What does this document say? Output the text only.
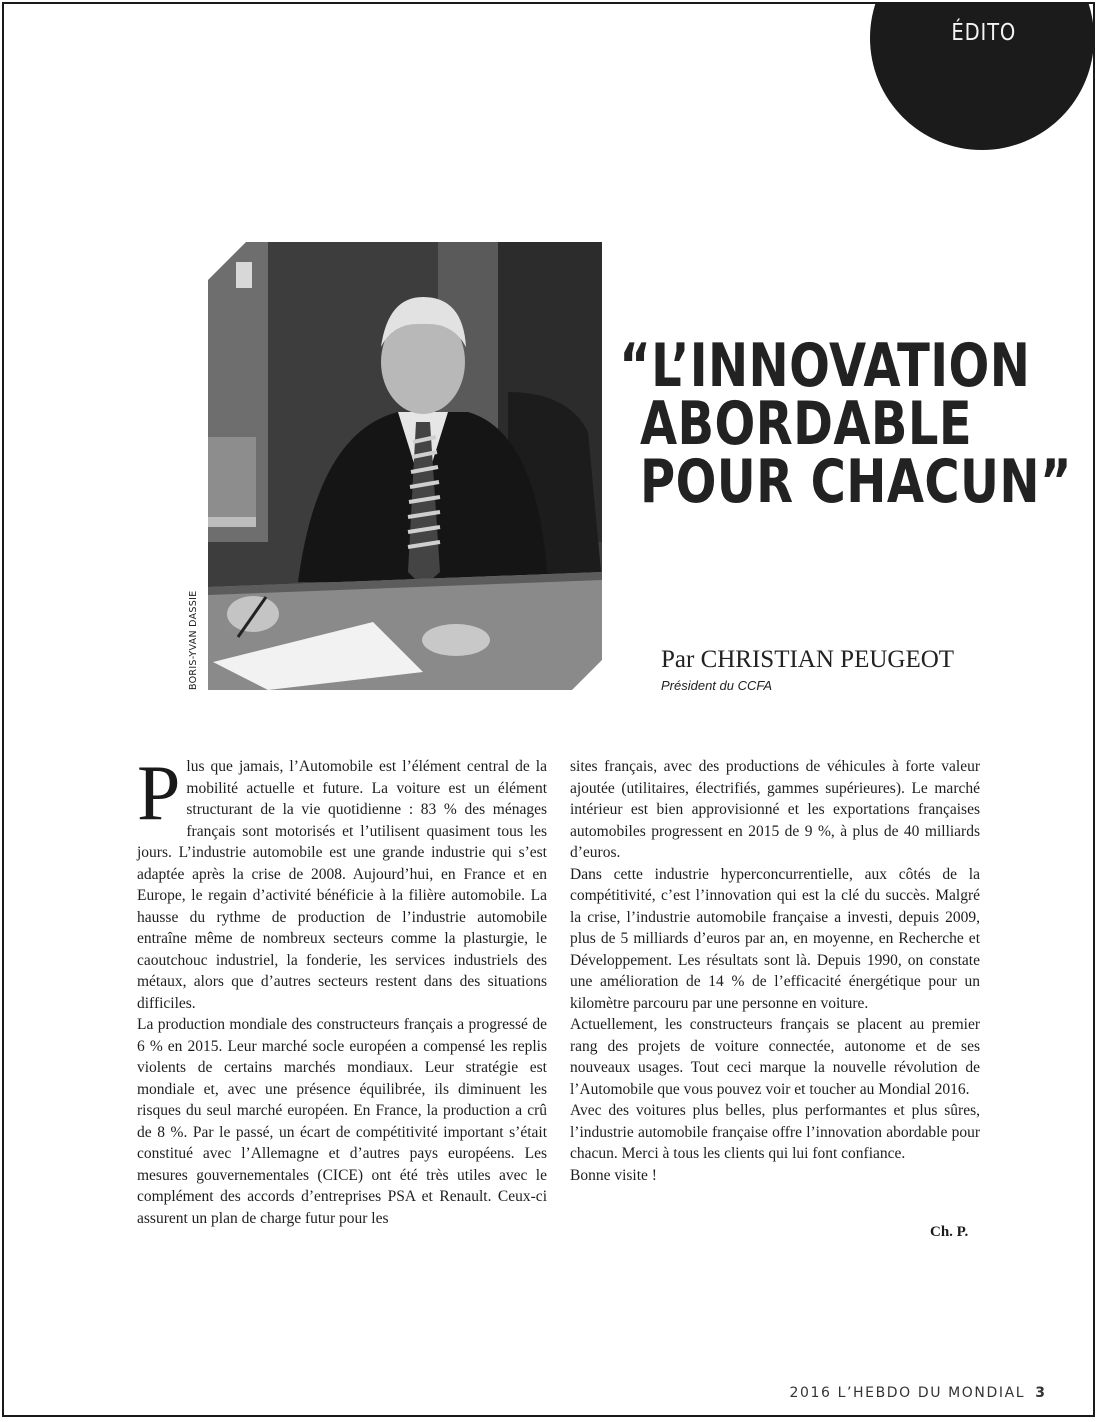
ÉDITO
BORIS-YVAN DASSIE
“L’INNOVATION
ABORDABLE
POUR CHACUN”
Par CHRISTIAN PEUGEOT
Président du CCFA

Plus que jamais, l’Automobile est l’élément central de la mobilité actuelle et future. La voiture est un élément structurant de la vie quotidienne : 83 % des ménages français sont motorisés et l’utilisent quasiment tous les jours. L’industrie automobile est une grande industrie qui s’est adaptée après la crise de 2008. Aujourd’hui, en France et en Europe, le regain d’activité bénéficie à la filière automobile. La hausse du rythme de production de l’industrie automobile entraîne même de nombreux secteurs comme la plasturgie, le caoutchouc industriel, la fonderie, les services industriels des métaux, alors que d’autres secteurs restent dans des situations difficiles.

La production mondiale des constructeurs français a progressé de 6 % en 2015. Leur marché socle européen a compensé les replis violents de certains marchés mondiaux. Leur stratégie est mondiale et, avec une présence équilibrée, ils diminuent les risques du seul marché européen. En France, la production a crû de 8 %. Par le passé, un écart de compétitivité important s’était constitué avec l’Allemagne et d’autres pays européens. Les mesures gouvernementales (CICE) ont été très utiles avec le complément des accords d’entreprises PSA et Renault. Ceux-ci assurent un plan de charge futur pour les

sites français, avec des productions de véhicules à forte valeur ajoutée (utilitaires, électrifiés, gammes supérieures). Le marché intérieur est bien approvisionné et les exportations françaises automobiles progressent en 2015 de 9 %, à plus de 40 milliards d’euros.

Dans cette industrie hyperconcurrentielle, aux côtés de la compétitivité, c’est l’innovation qui est la clé du succès. Malgré la crise, l’industrie automobile française a investi, depuis 2009, plus de 5 milliards d’euros par an, en moyenne, en Recherche et Développement. Les résultats sont là. Depuis 1990, on constate une amélioration de 14 % de l’efficacité énergétique pour un kilomètre parcouru par une personne en voiture.

Actuellement, les constructeurs français se placent au premier rang des projets de voiture connectée, autonome et de ses nouveaux usages. Tout ceci marque la nouvelle révolution de l’Automobile que vous pouvez voir et toucher au Mondial 2016.

Avec des voitures plus belles, plus performantes et plus sûres, l’industrie automobile française offre l’innovation abordable pour chacun. Merci à tous les clients qui lui font confiance.

Bonne visite !

Ch. P.
2016 L’HEBDO DU MONDIAL 3
